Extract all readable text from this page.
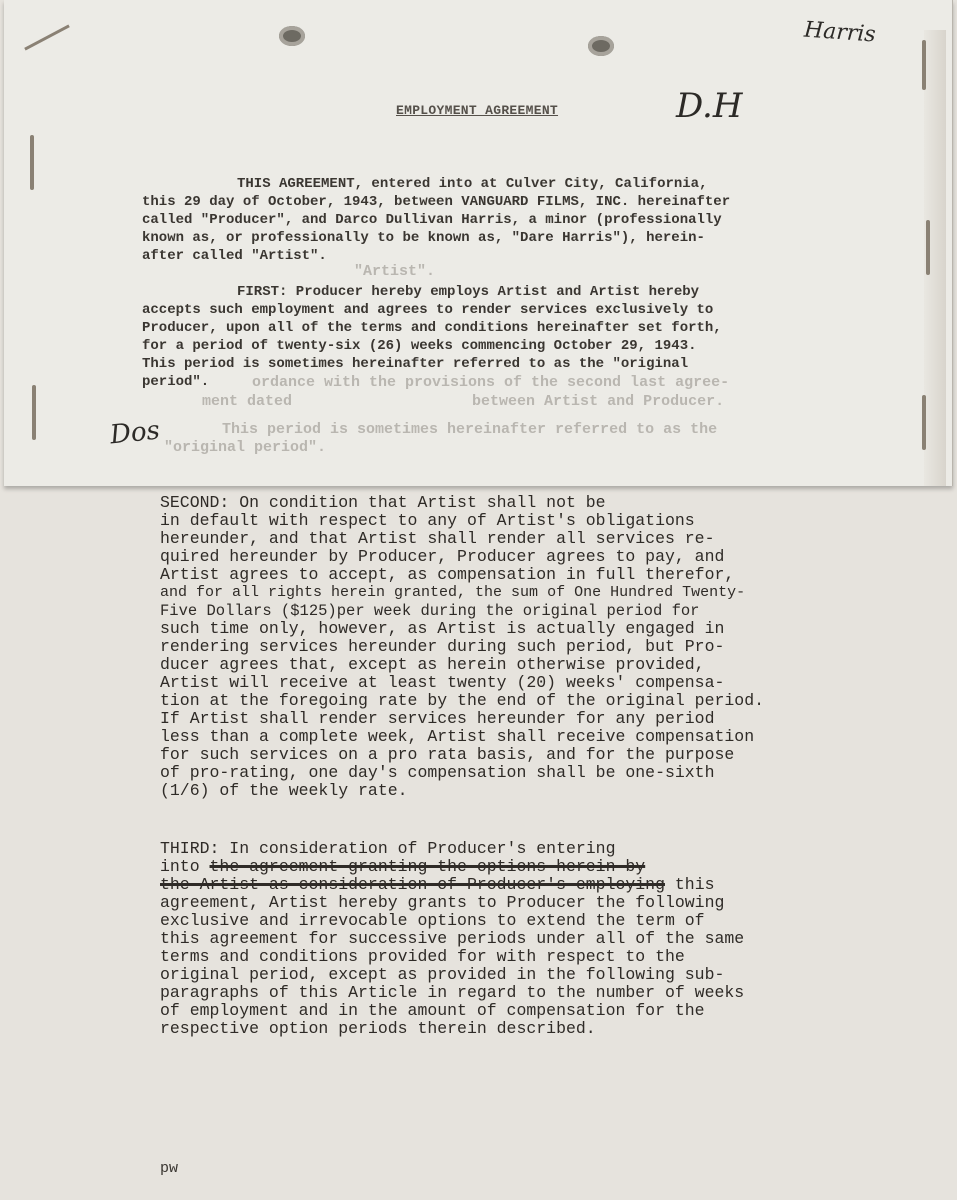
"Artist".
ordance with the provisions of the second last agree-
ment dated                    between Artist and Producer.
This period is sometimes hereinafter referred to as the
"original period".
EMPLOYMENT AGREEMENT
Harris
D.H
Dos

THIS AGREEMENT, entered into at Culver City, California,

this 29 day of October, 1943, between VANGUARD FILMS, INC. hereinafter

called "Producer", and Darco Dullivan Harris, a minor (professionally

known as, or professionally to be known as, "Dare Harris"), herein-

after called "Artist".

FIRST: Producer hereby employs Artist and Artist hereby

accepts such employment and agrees to render services exclusively to

Producer, upon all of the terms and conditions hereinafter set forth,

for a period of twenty-six (26) weeks commencing October 29, 1943.

This period is sometimes hereinafter referred to as the "original

period".

SECOND: On condition that Artist shall not be

in default with respect to any of Artist's obligations

hereunder, and that Artist shall render all services re-

quired hereunder by Producer, Producer agrees to pay, and

Artist agrees to accept, as compensation in full therefor,

and for all rights herein granted, the sum of One Hundred Twenty-

Five Dollars ($125)per week during the original period for

such time only, however, as Artist is actually engaged in

rendering services hereunder during such period, but Pro-

ducer agrees that, except as herein otherwise provided,

Artist will receive at least twenty (20) weeks' compensa-

tion at the foregoing rate by the end of the original period.

If Artist shall render services hereunder for any period

less than a complete week, Artist shall receive compensation

for such services on a pro rata basis, and for the purpose

of pro-rating, one day's compensation shall be one-sixth

(1/6) of the weekly rate.

THIRD: In consideration of Producer's entering

into the agreement granting the options herein by

the Artist as consideration of Producer's employing this

agreement, Artist hereby grants to Producer the following

exclusive and irrevocable options to extend the term of

this agreement for successive periods under all of the same

terms and conditions provided for with respect to the

original period, except as provided in the following sub-

paragraphs of this Article in regard to the number of weeks

of employment and in the amount of compensation for the

respective option periods therein described.

pw
